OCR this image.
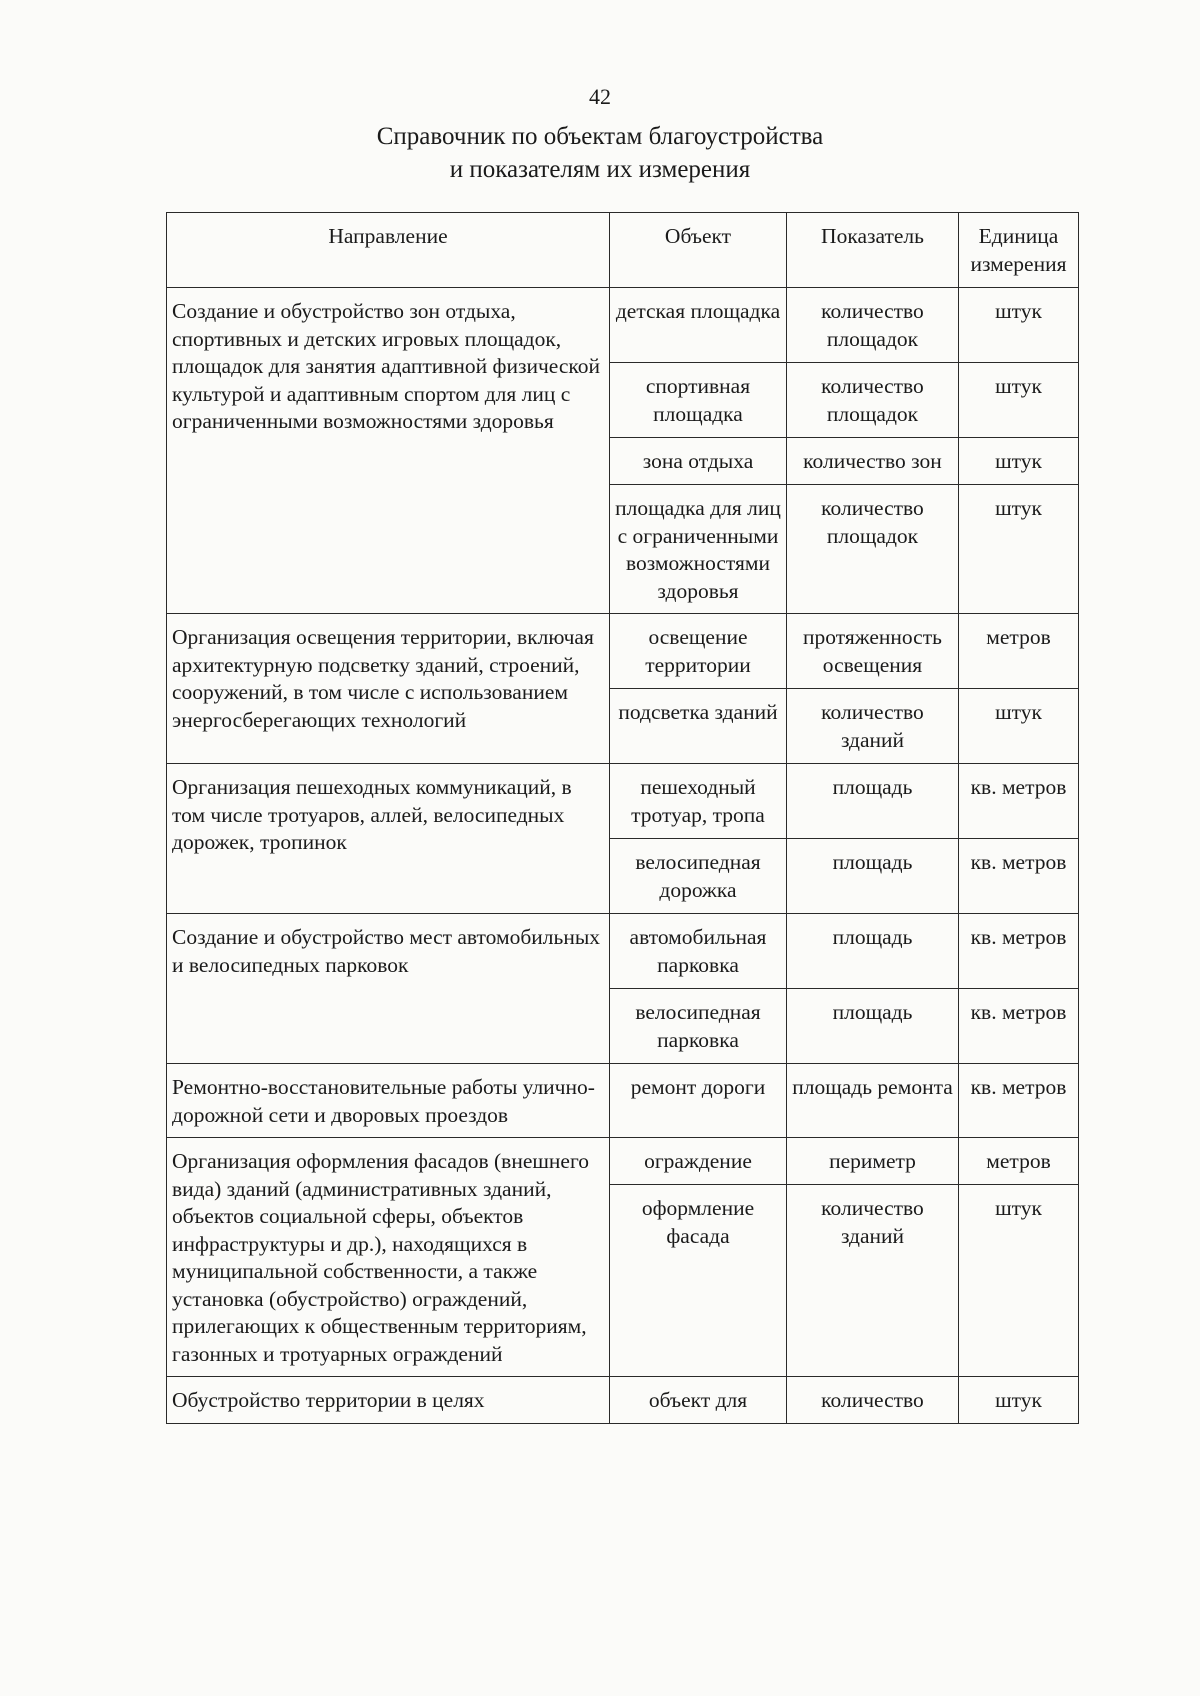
42
Справочник по объектам благоустройства
и показателям их измерения
Направление	Объект	Показатель	Единица измерения
Создание и обустройство зон отдыха, спортивных и детских игровых площадок, площадок для занятия адаптивной физической культурой и адаптивным спортом для лиц с ограниченными возможностями здоровья	детская площадка	количество площадок	штук
	спортивная площадка	количество площадок	штук
	зона отдыха	количество зон	штук
	площадка для лиц с ограниченными возможностями здоровья	количество площадок	штук
Организация освещения территории, включая архитектурную подсветку зданий, строений, сооружений, в том числе с использованием энергосберегающих технологий	освещение территории	протяженность освещения	метров
	подсветка зданий	количество зданий	штук
Организация пешеходных коммуникаций, в том числе тротуаров, аллей, велосипедных дорожек, тропинок	пешеходный тротуар, тропа	площадь	кв. метров
	велосипедная дорожка	площадь	кв. метров
Создание и обустройство мест автомобильных и велосипедных парковок	автомобильная парковка	площадь	кв. метров
	велосипедная парковка	площадь	кв. метров
Ремонтно-восстановительные работы улично-дорожной сети и дворовых проездов	ремонт дороги	площадь ремонта	кв. метров
Организация оформления фасадов (внешнего вида) зданий (административных зданий, объектов социальной сферы, объектов инфраструктуры и др.), находящихся в муниципальной собственности, а также установка (обустройство) ограждений, прилегающих к общественным территориям, газонных и тротуарных ограждений	ограждение	периметр	метров
	оформление фасада	количество зданий	штук
Обустройство территории в целях	объект для	количество	штук
